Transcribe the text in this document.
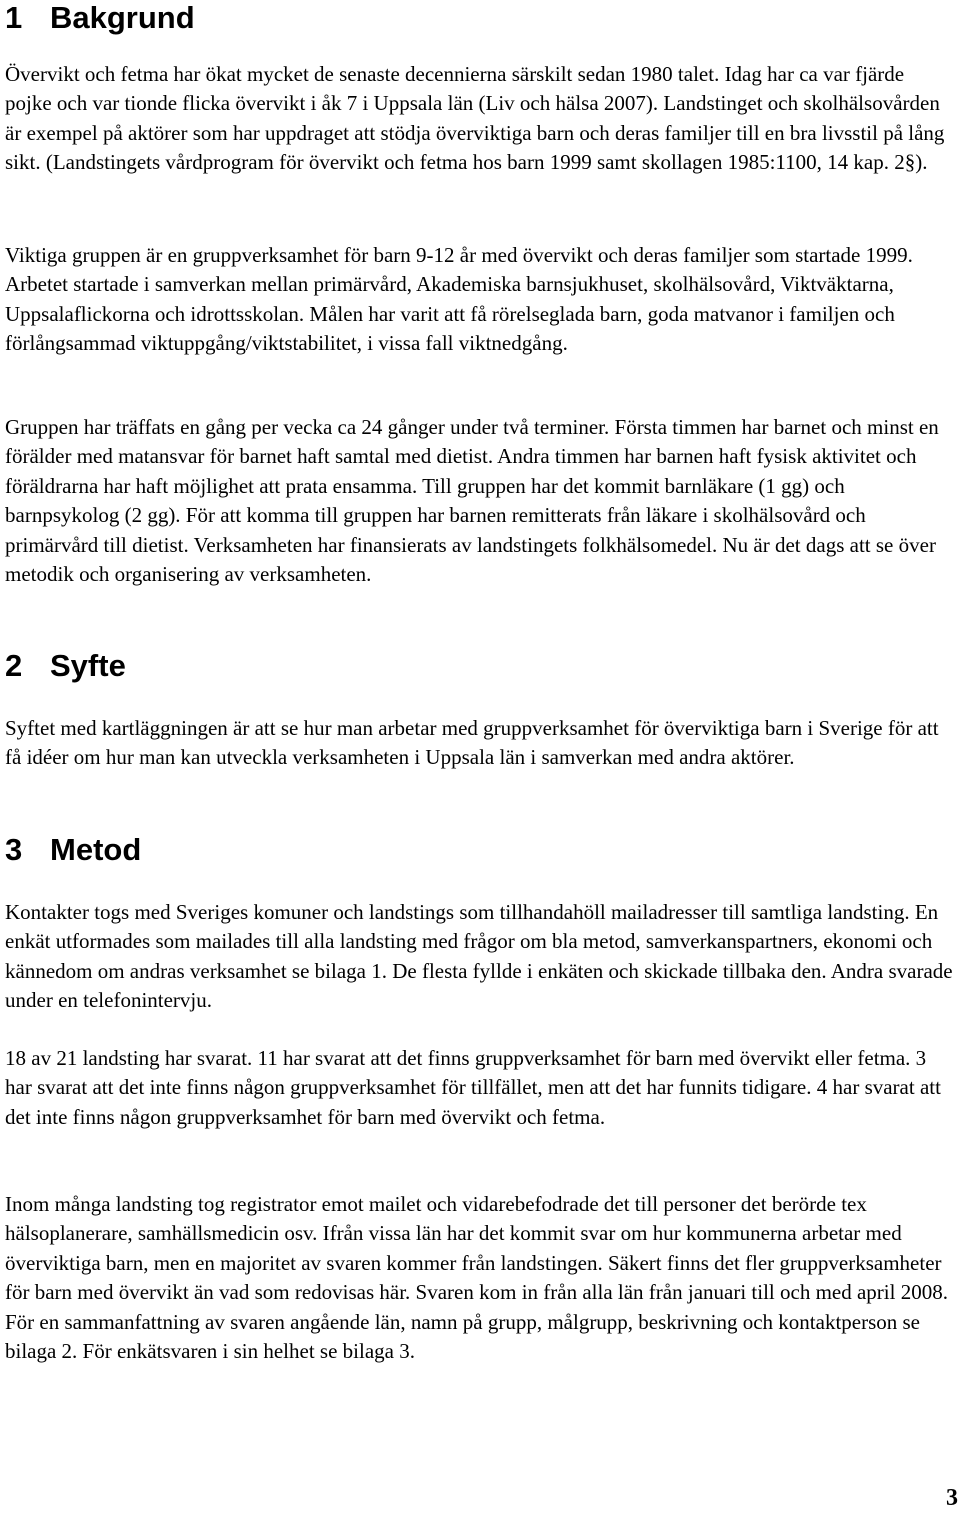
1 Bakgrund

Övervikt och fetma har ökat mycket de senaste decennierna särskilt sedan 1980 talet. Idag har ca var fjärde pojke och var tionde flicka övervikt i åk 7 i Uppsala län (Liv och hälsa 2007). Landstinget och skolhälsovården är exempel på aktörer som har uppdraget att stödja överviktiga barn och deras familjer till en bra livsstil på lång sikt. (Landstingets vårdprogram för övervikt och fetma hos barn 1999 samt skollagen 1985:1100, 14 kap. 2§).

Viktiga gruppen är en gruppverksamhet för barn 9-12 år med övervikt och deras familjer som startade 1999. Arbetet startade i samverkan mellan primärvård, Akademiska barnsjukhuset, skolhälsovård, Viktväktarna, Uppsalaflickorna och idrottsskolan. Målen har varit att få rörelseglada barn, goda matvanor i familjen och förlångsammad viktuppgång/viktstabilitet, i vissa fall viktnedgång.

Gruppen har träffats en gång per vecka ca 24 gånger under två terminer. Första timmen har barnet och minst en förälder med matansvar för barnet haft samtal med dietist. Andra timmen har barnen haft fysisk aktivitet och föräldrarna har haft möjlighet att prata ensamma. Till gruppen har det kommit barnläkare (1 gg) och barnpsykolog (2 gg). För att komma till gruppen har barnen remitterats från läkare i skolhälsovård och primärvård till dietist. Verksamheten har finansierats av landstingets folkhälsomedel. Nu är det dags att se över metodik och organisering av verksamheten.

2 Syfte

Syftet med kartläggningen är att se hur man arbetar med gruppverksamhet för överviktiga barn i Sverige för att få idéer om hur man kan utveckla verksamheten i Uppsala län i samverkan med andra aktörer.

3 Metod

Kontakter togs med Sveriges komuner och landstings som tillhandahöll mailadresser till samtliga landsting. En enkät utformades som mailades till alla landsting med frågor om bla metod, samverkanspartners, ekonomi och kännedom om andras verksamhet se bilaga 1. De flesta fyllde i enkäten och skickade tillbaka den. Andra svarade under en telefonintervju.

18 av 21 landsting har svarat. 11 har svarat att det finns gruppverksamhet för barn med övervikt eller fetma. 3 har svarat att det inte finns någon gruppverksamhet för tillfället, men att det har funnits tidigare. 4 har svarat att det inte finns någon gruppverksamhet för barn med övervikt och fetma.

Inom många landsting tog registrator emot mailet och vidarebefodrade det till personer det berörde tex hälsoplanerare, samhällsmedicin osv. Ifrån vissa län har det kommit svar om hur kommunerna arbetar med överviktiga barn, men en majoritet av svaren kommer från landstingen. Säkert finns det fler gruppverksamheter för barn med övervikt än vad som redovisas här. Svaren kom in från alla län från januari till och med april 2008. För en sammanfattning av svaren angående län, namn på grupp, målgrupp, beskrivning och kontaktperson se bilaga 2. För enkätsvaren i sin helhet se bilaga 3.

3
